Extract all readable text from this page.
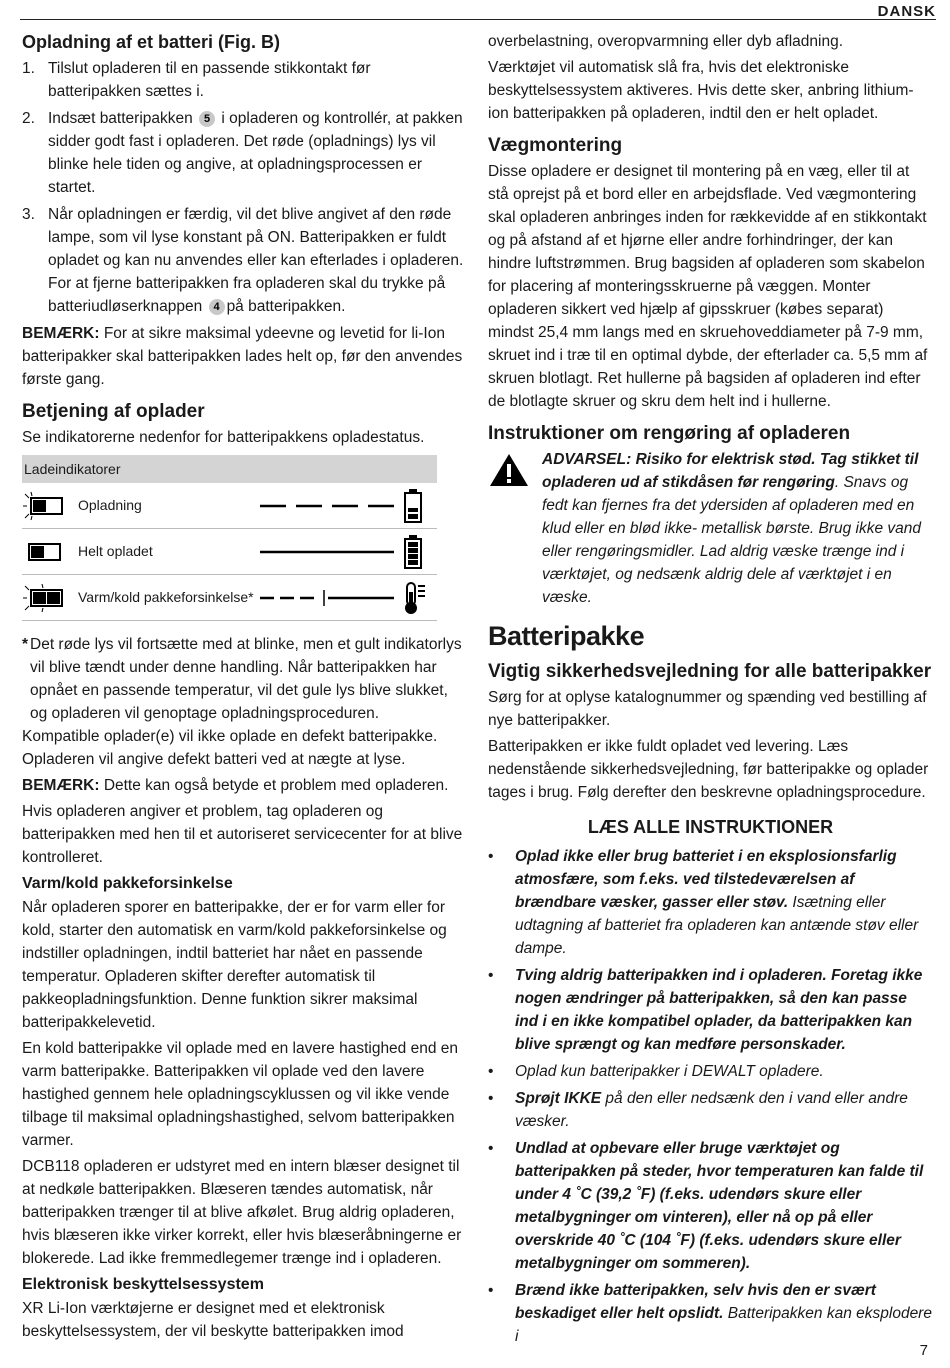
DANSK
Opladning af et batteri (Fig. B)
1. Tilslut opladeren til en passende stikkontakt før batteripakken sættes i.
2. Indsæt batteripakken 5 i opladeren og kontrollér, at pakken sidder godt fast i opladeren. Det røde (opladnings) lys vil blinke hele tiden og angive, at opladningsprocessen er startet.
3. Når opladningen er færdig, vil det blive angivet af den røde lampe, som vil lyse konstant på ON. Batteripakken er fuldt opladet og kan nu anvendes eller kan efterlades i opladeren. For at fjerne batteripakken fra opladeren skal du trykke på batteriudløserknappen 4 på batteripakken.

BEMÆRK: For at sikre maksimal ydeevne og levetid for li-Ion batteripakker skal batteripakken lades helt op, før den anvendes første gang.

Betjening af oplader

Se indikatorerne nedenfor for batteripakkens opladestatus.

Ladeindikatorer
Opladning
Helt opladet
Varm/kold pakkeforsinkelse*
* Det røde lys vil fortsætte med at blinke, men et gult indikatorlys vil blive tændt under denne handling. Når batteripakken har opnået en passende temperatur, vil det gule lys blive slukket, og opladeren vil genoptage opladningsproceduren.

Kompatible oplader(e) vil ikke oplade en defekt batteripakke. Opladeren vil angive defekt batteri ved at nægte at lyse.

BEMÆRK: Dette kan også betyde et problem med opladeren.

Hvis opladeren angiver et problem, tag opladeren og batteripakken med hen til et autoriseret servicecenter for at blive kontrolleret.

Varm/kold pakkeforsinkelse

Når opladeren sporer en batteripakke, der er for varm eller for kold, starter den automatisk en varm/kold pakkeforsinkelse og indstiller opladningen, indtil batteriet har nået en passende temperatur. Opladeren skifter derefter automatisk til pakkeopladningsfunktion. Denne funktion sikrer maksimal batteripakkelevetid.

En kold batteripakke vil oplade med en lavere hastighed end en varm batteripakke. Batteripakken vil oplade ved den lavere hastighed gennem hele opladningscyklussen og vil ikke vende tilbage til maksimal opladningshastighed, selvom batteripakken varmer.

DCB118 opladeren er udstyret med en intern blæser designet til at nedkøle batteripakken. Blæseren tændes automatisk, når batteripakken trænger til at blive afkølet. Brug aldrig opladeren, hvis blæseren ikke virker korrekt, eller hvis blæseråbningerne er blokerede. Lad ikke fremmedlegemer trænge ind i opladeren.

Elektronisk beskyttelsessystem

XR Li-Ion værktøjerne er designet med et elektronisk beskyttelsessystem, der vil beskytte batteripakken imod

overbelastning, overopvarmning eller dyb afladning.

Værktøjet vil automatisk slå fra, hvis det elektroniske beskyttelsessystem aktiveres. Hvis dette sker, anbring lithium-ion batteripakken på opladeren, indtil den er helt opladet.

Vægmontering

Disse opladere er designet til montering på en væg, eller til at stå oprejst på et bord eller en arbejdsflade. Ved vægmontering skal opladeren anbringes inden for rækkevidde af en stikkontakt og på afstand af et hjørne eller andre forhindringer, der kan hindre luftstrømmen. Brug bagsiden af opladeren som skabelon for placering af monteringsskruerne på væggen. Monter opladeren sikkert ved hjælp af gipsskruer (købes separat) mindst 25,4 mm langs med en skruehoveddiameter på 7-9 mm, skruet ind i træ til en optimal dybde, der efterlader ca. 5,5 mm af skruen blotlagt. Ret hullerne på bagsiden af opladeren ind efter de blotlagte skruer og skru dem helt ind i hullerne.

Instruktioner om rengøring af opladeren
ADVARSEL: Risiko for elektrisk stød. Tag stikket til opladeren ud af stikdåsen før rengøring. Snavs og fedt kan fjernes fra det ydersiden af opladeren med en klud eller en blød ikke- metallisk børste. Brug ikke vand eller rengøringsmidler. Lad aldrig væske trænge ind i værktøjet, og nedsænk aldrig dele af værktøjet i en væske.
Batteripakke
Vigtig sikkerhedsvejledning for alle batteripakker

Sørg for at oplyse katalognummer og spænding ved bestilling af nye batteripakker.

Batteripakken er ikke fuldt opladet ved levering. Læs nedenstående sikkerhedsvejledning, før batteripakke og oplader tages i brug. Følg derefter den beskrevne opladningsprocedure.

LÆS ALLE INSTRUKTIONER
•	Oplad ikke eller brug batteriet i en eksplosionsfarlig atmosfære, som f.eks. ved tilstedeværelsen af brændbare væsker, gasser eller støv. Isætning eller udtagning af batteriet fra opladeren kan antænde støv eller dampe.
•	Tving aldrig batteripakken ind i opladeren. Foretag ikke nogen ændringer på batteripakken, så den kan passe ind i en ikke kompatibel oplader, da batteripakken kan blive sprængt og kan medføre personskader.
•	Oplad kun batteripakker i DEWALT opladere.
•	Sprøjt IKKE på den eller nedsænk den i vand eller andre væsker.
•	Undlad at opbevare eller bruge værktøjet og batteripakken på steder, hvor temperaturen kan falde til under 4 ˚C (39,2 ˚F) (f.eks. udendørs skure eller metalbygninger om vinteren), eller nå op på eller overskride 40 ˚C (104 ˚F) (f.eks. udendørs skure eller metalbygninger om sommeren).
•	Brænd ikke batteripakken, selv hvis den er svært beskadiget eller helt opslidt. Batteripakken kan eksplodere i
7
